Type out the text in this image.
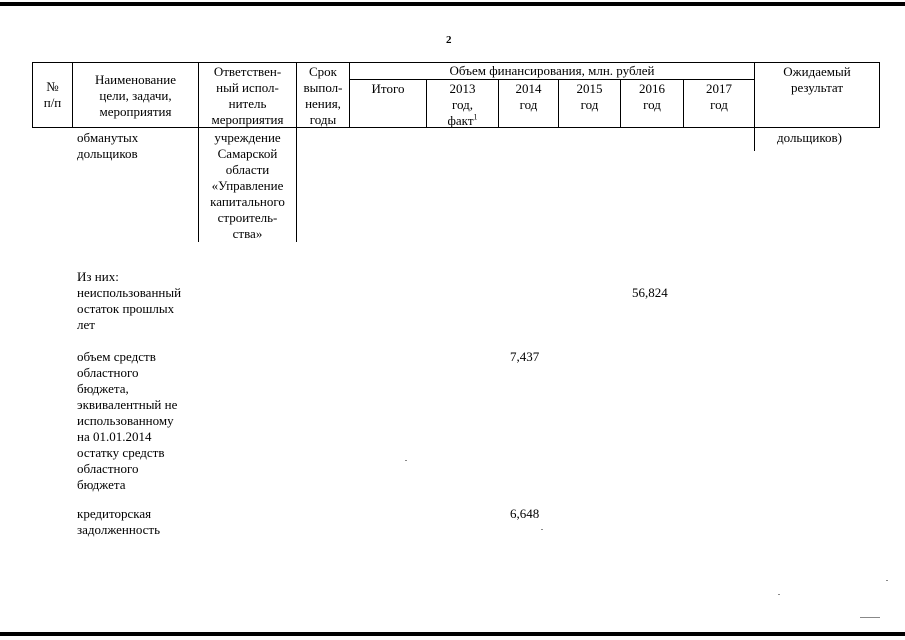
2
№
п/п
Наименование
цели, задачи,
мероприятия
Ответствен-
ный испол-
нитель
мероприятия
Срок
выпол-
нения,
годы
Объем финансирования, млн. рублей
Итого	2013
год,
факт$^1$
2014
год
2015
год
2016
год
2017
год
Ожидаемый
результат
обманутых
дольщиков
учреждение
Самарской
области
«Управление
капитального
строитель-
ства»
дольщиков)
Из них:
неиспользованный
остаток прошлых
лет
56,824
объем средств
областного
бюджета,
эквивалентный не
использованному
на 01.01.2014
остатку средств
областного
бюджета
7,437
кредиторская
задолженность
6,648
